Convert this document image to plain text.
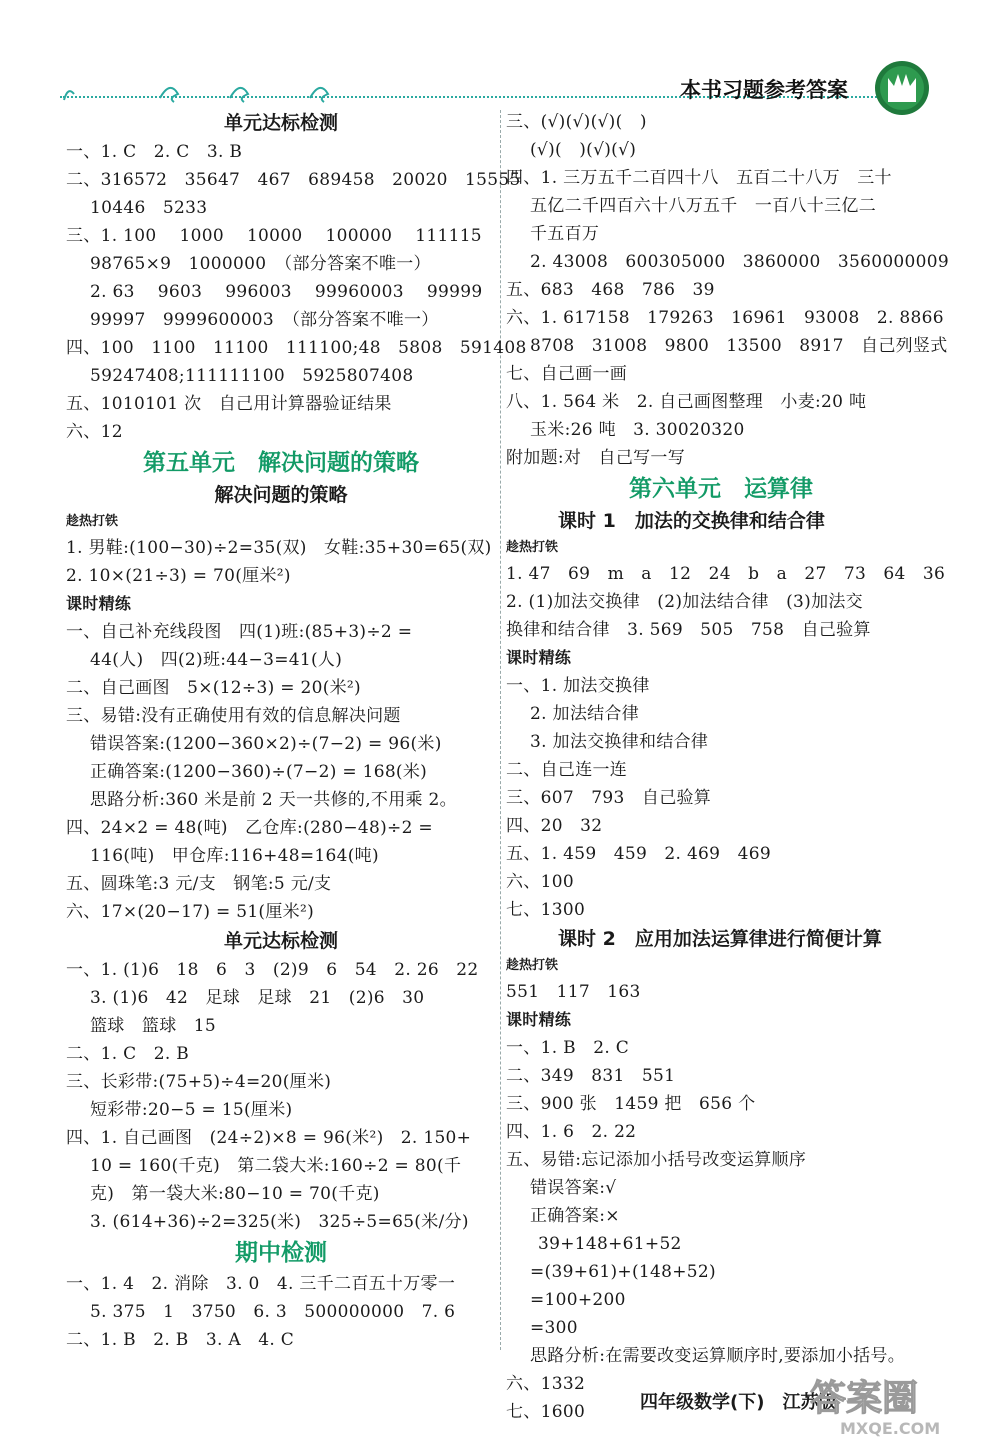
本书习题参考答案
单元达标检测
一、1. C　2. C　3. B
二、316572　35647　467　689458　20020　15555
10446　5233
三、1. 100　 1000　 10000　 100000　 111115
98765×9　1000000　（部分答案不唯一）
2. 63　 9603　 996003　 99960003　 99999
99997　9999600003　（部分答案不唯一）
四、100　1100　11100　111100;48　5808　591408
59247408;111111100　5925807408
五、1010101 次　自己用计算器验证结果
六、12
第五单元　解决问题的策略
解决问题的策略
趁热打铁
1. 男鞋:(100−30)÷2=35(双)　女鞋:35+30=65(双)
2. 10×(21÷3) = 70(厘米²)
课时精练
一、自己补充线段图　四(1)班:(85+3)÷2 =
44(人)　四(2)班:44−3=41(人)
二、自己画图　5×(12÷3) = 20(米²)
三、易错:没有正确使用有效的信息解决问题
错误答案:(1200−360×2)÷(7−2) = 96(米)
正确答案:(1200−360)÷(7−2) = 168(米)
思路分析:360 米是前 2 天一共修的,不用乘 2。
四、24×2 = 48(吨)　乙仓库:(280−48)÷2 =
116(吨)　甲仓库:116+48=164(吨)
五、圆珠笔:3 元/支　钢笔:5 元/支
六、17×(20−17) = 51(厘米²)
单元达标检测
一、1. (1)6　18　6　3　(2)9　6　54　2. 26　22
3. (1)6　42　足球　足球　21　(2)6　30
篮球　篮球　15
二、1. C　2. B
三、长彩带:(75+5)÷4=20(厘米)
短彩带:20−5 = 15(厘米)
四、1. 自己画图　(24÷2)×8 = 96(米²)　2. 150+
10 = 160(千克)　第二袋大米:160÷2 = 80(千
克)　第一袋大米:80−10 = 70(千克)
3. (614+36)÷2=325(米)　325÷5=65(米/分)
期中检测
一、1. 4　2. 消除　3. 0　4. 三千二百五十万零一
5. 375　1　3750　6. 3　500000000　7. 6
二、1. B　2. B　3. A　4. C
三、(√)(√)(√)(　)
(√)(　)(√)(√)
四、1. 三万五千二百四十八　五百二十八万　三十
五亿二千四百六十八万五千　一百八十三亿二
千五百万
2. 43008　600305000　3860000　3560000009
五、683　468　786　39
六、1. 617158　179263　16961　93008　2. 8866
8708　31008　9800　13500　8917　自己列竖式
七、自己画一画
八、1. 564 米　2. 自己画图整理　小麦:20 吨
玉米:26 吨　3. 30020320
附加题:对　自己写一写
第六单元　运算律
课时 1　加法的交换律和结合律
趁热打铁
1. 47　69　m　a　12　24　b　a　27　73　64　36
2. (1)加法交换律　(2)加法结合律　(3)加法交
换律和结合律　3. 569　505　758　自己验算
课时精练
一、1. 加法交换律
2. 加法结合律
3. 加法交换律和结合律
二、自己连一连
三、607　793　自己验算
四、20　32
五、1. 459　459　2. 469　469
六、100
七、1300
课时 2　应用加法运算律进行简便计算
趁热打铁
551　117　163
课时精练
一、1. B　2. C
二、349　831　551
三、900 张　1459 把　656 个
四、1. 6　2. 22
五、易错:忘记添加小括号改变运算顺序
错误答案:√
正确答案:×
39+148+61+52
=(39+61)+(148+52)
=100+200
=300
思路分析:在需要改变运算顺序时,要添加小括号。
六、1332
七、1600	四年级数学(下)　江苏版
答案圈
MXQE.COM
